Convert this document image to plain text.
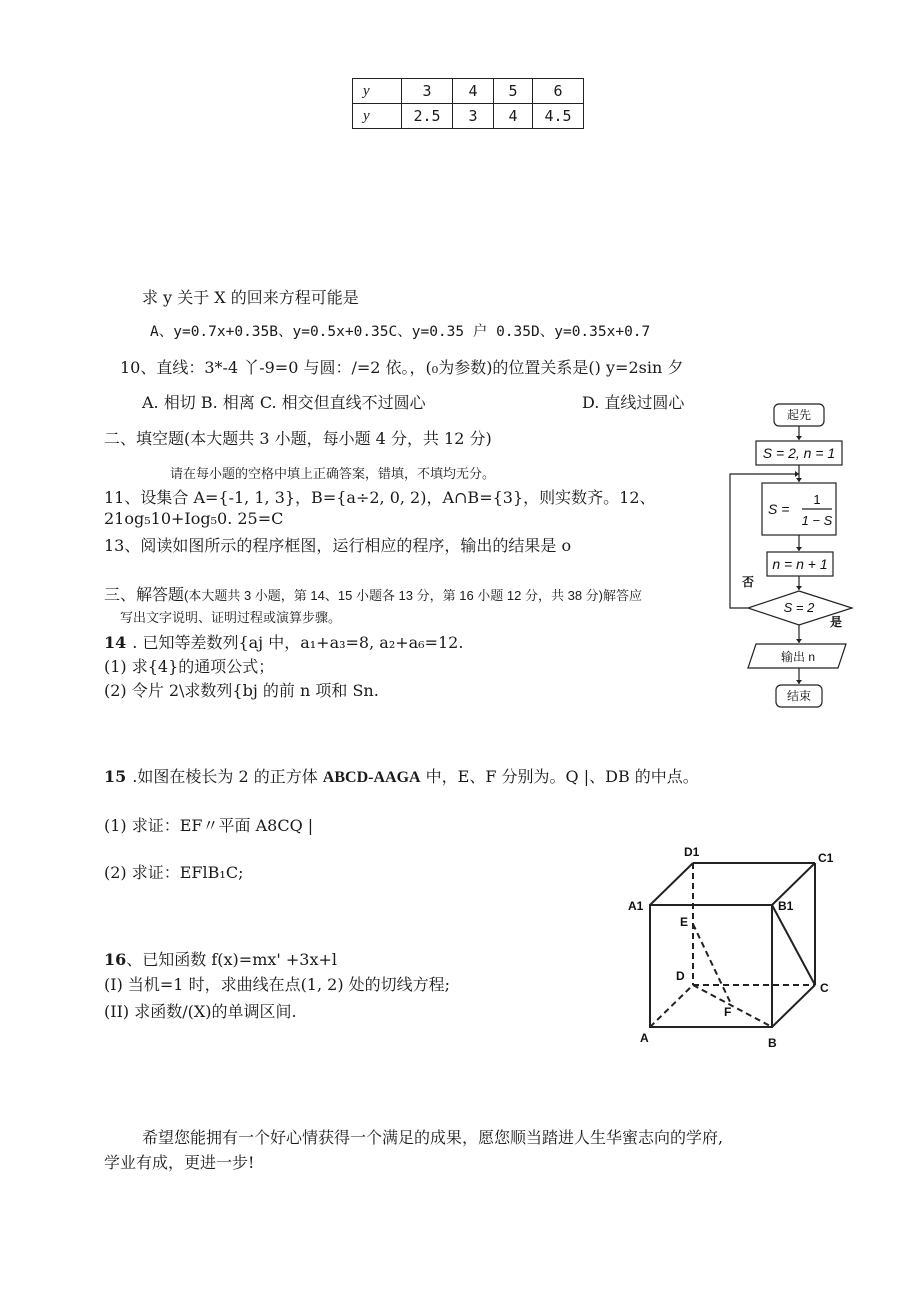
y	3	4	5	6
y	2.5	3	4	4.5
求 y 关于 X 的回来方程可能是
A、y=0.7x+0.35B、y=0.5x+0.35C、y=0.35 户 0.35D、y=0.35x+0.7
10、直线：3*-4 丫-9=0 与圆：/=2 依。，(₀为参数)的位置关系是() y=2sin 夕
A. 相切 B. 相离 C. 相交但直线不过圆心	D. 直线过圆心
二、填空题(本大题共 3 小题，每小题 4 分，共 12 分)
请在每小题的空格中填上正确答案，错填，不填均无分。
11、设集合 A={-1, 1, 3}，B={a÷2, 0, 2)，A∩B={3}，则实数齐。12、
21og₅10+Iog₅0. 25=C
13、阅读如图所示的程序框图，运行相应的程序，输出的结果是 o
三、解答题(本大题共 3 小题，第 14、15 小题各 13 分，第 16 小题 12 分，共 38 分)解答应
写出文字说明、证明过程或演算步骤。
14 . 已知等差数列{aj 中，a₁+a₃=8, a₂+a₆=12.
(1) 求{4}的通项公式；
(2) 令片 2\求数列{bj 的前 n 项和 Sn.
15 .如图在棱长为 2 的正方体 ABCD-AAGA 中，E、F 分别为。Q |、DB 的中点。
(1) 求证：EF〃平面 A8CQ |
(2) 求证：EFlB₁C;
16、已知函数 f(x)=mx' +3x+l
(I) 当机=1 时，求曲线在点(1, 2) 处的切线方程;
(II) 求函数/(X)的单调区间.
希望您能拥有一个好心情获得一个满足的成果，愿您顺当踏进人生华蜜志向的学府,
学业有成，更进一步!
起先
S = 2, n = 1
S =
1
1 − S
n = n + 1
S = 2
否
是
输出 n
结束
D1	C1
A1	B1
E
D
C
F
A	B
